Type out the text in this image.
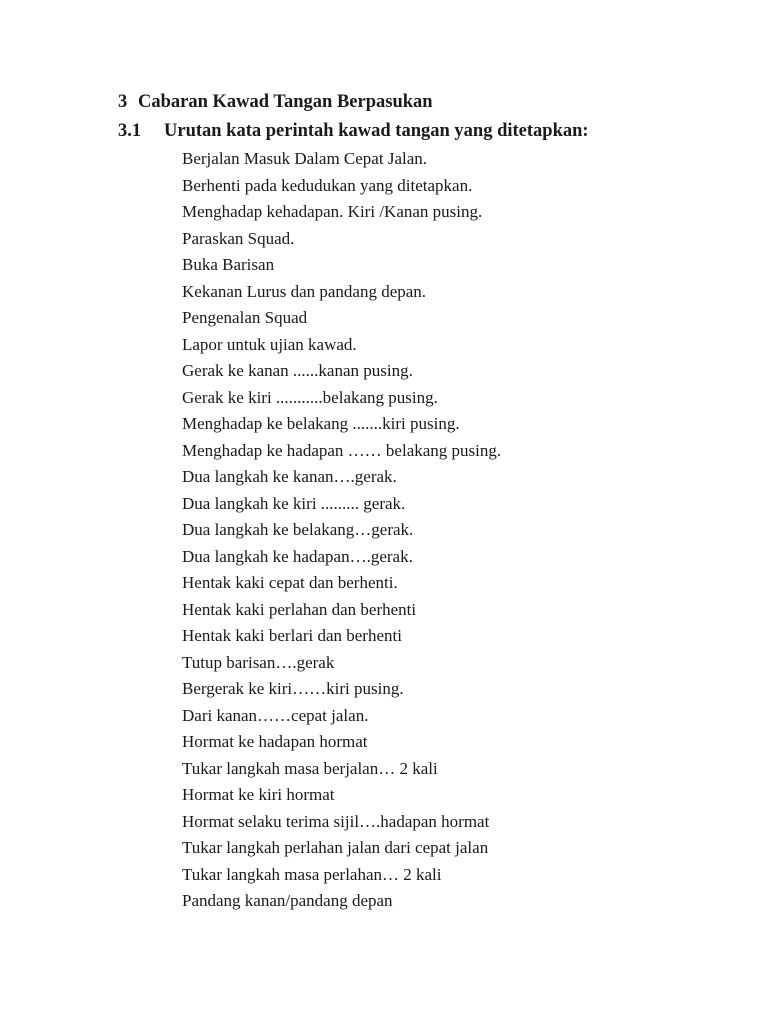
3 Cabaran Kawad Tangan Berpasukan
3.1 Urutan kata perintah kawad tangan yang ditetapkan:
Berjalan Masuk Dalam Cepat Jalan.
Berhenti pada kedudukan yang ditetapkan.
Menghadap kehadapan. Kiri /Kanan pusing.
Paraskan Squad.
Buka Barisan
Kekanan Lurus dan pandang depan.
Pengenalan Squad
Lapor untuk ujian kawad.
Gerak ke kanan ......kanan pusing.
Gerak ke kiri ...........belakang pusing.
Menghadap ke belakang .......kiri pusing.
Menghadap ke hadapan …… belakang pusing.
Dua langkah ke kanan….gerak.
Dua langkah ke kiri ......... gerak.
Dua langkah ke belakang…gerak.
Dua langkah ke hadapan….gerak.
Hentak kaki cepat dan berhenti.
Hentak kaki perlahan dan berhenti
Hentak kaki berlari dan berhenti
Tutup barisan….gerak
Bergerak ke kiri……kiri pusing.
Dari kanan……cepat jalan.
Hormat ke hadapan hormat
Tukar langkah masa berjalan… 2 kali
Hormat ke kiri hormat
Hormat selaku terima sijil….hadapan hormat
Tukar langkah perlahan jalan dari cepat jalan
Tukar langkah masa perlahan… 2 kali
Pandang kanan/pandang depan
